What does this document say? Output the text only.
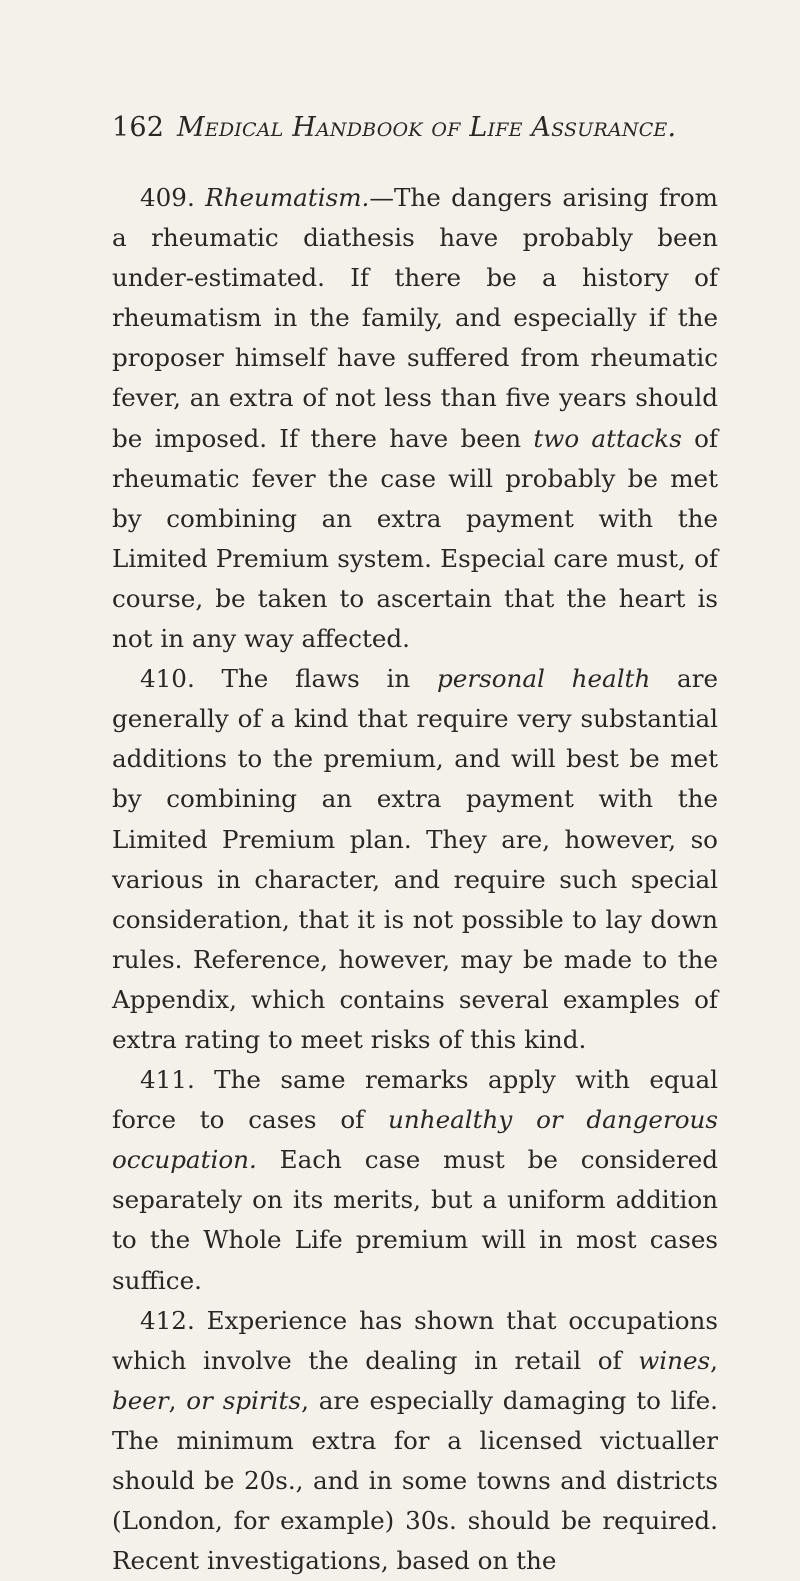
162 Medical Handbook of Life Assurance.

409. Rheumatism.—The dangers arising from a rheumatic diathesis have probably been under-estimated. If there be a history of rheumatism in the family, and especially if the proposer himself have suffered from rheumatic fever, an extra of not less than five years should be imposed. If there have been two attacks of rheumatic fever the case will probably be met by combining an extra payment with the Limited Premium system. Especial care must, of course, be taken to ascertain that the heart is not in any way affected.

410. The flaws in personal health are generally of a kind that require very substantial additions to the premium, and will best be met by combining an extra payment with the Limited Premium plan. They are, however, so various in character, and require such special consideration, that it is not possible to lay down rules. Reference, however, may be made to the Appendix, which contains several examples of extra rating to meet risks of this kind.

411. The same remarks apply with equal force to cases of unhealthy or dangerous occupation. Each case must be considered separately on its merits, but a uniform addition to the Whole Life premium will in most cases suffice.

412. Experience has shown that occupations which involve the dealing in retail of wines, beer, or spirits, are especially damaging to life. The minimum extra for a licensed victualler should be 20s., and in some towns and districts (London, for example) 30s. should be required. Recent investigations, based on the
